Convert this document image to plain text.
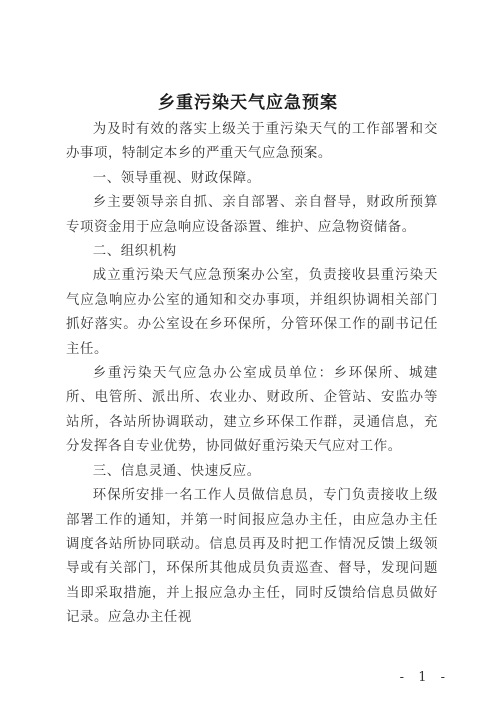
乡重污染天气应急预案

为及时有效的落实上级关于重污染天气的工作部署和交办事项，特制定本乡的严重天气应急预案。

一、领导重视、财政保障。

乡主要领导亲自抓、亲自部署、亲自督导，财政所预算专项资金用于应急响应设备添置、维护、应急物资储备。

二、组织机构

成立重污染天气应急预案办公室，负责接收县重污染天气应急响应办公室的通知和交办事项，并组织协调相关部门抓好落实。办公室设在乡环保所，分管环保工作的副书记任主任。

乡重污染天气应急办公室成员单位：乡环保所、城建所、电管所、派出所、农业办、财政所、企管站、安监办等站所，各站所协调联动，建立乡环保工作群，灵通信息，充分发挥各自专业优势，协同做好重污染天气应对工作。

三、信息灵通、快速反应。

环保所安排一名工作人员做信息员，专门负责接收上级部署工作的通知，并第一时间报应急办主任，由应急办主任调度各站所协同联动。信息员再及时把工作情况反馈上级领导或有关部门，环保所其他成员负责巡查、督导，发现问题当即采取措施，并上报应急办主任，同时反馈给信息员做好记录。应急办主任视

- 1 -
